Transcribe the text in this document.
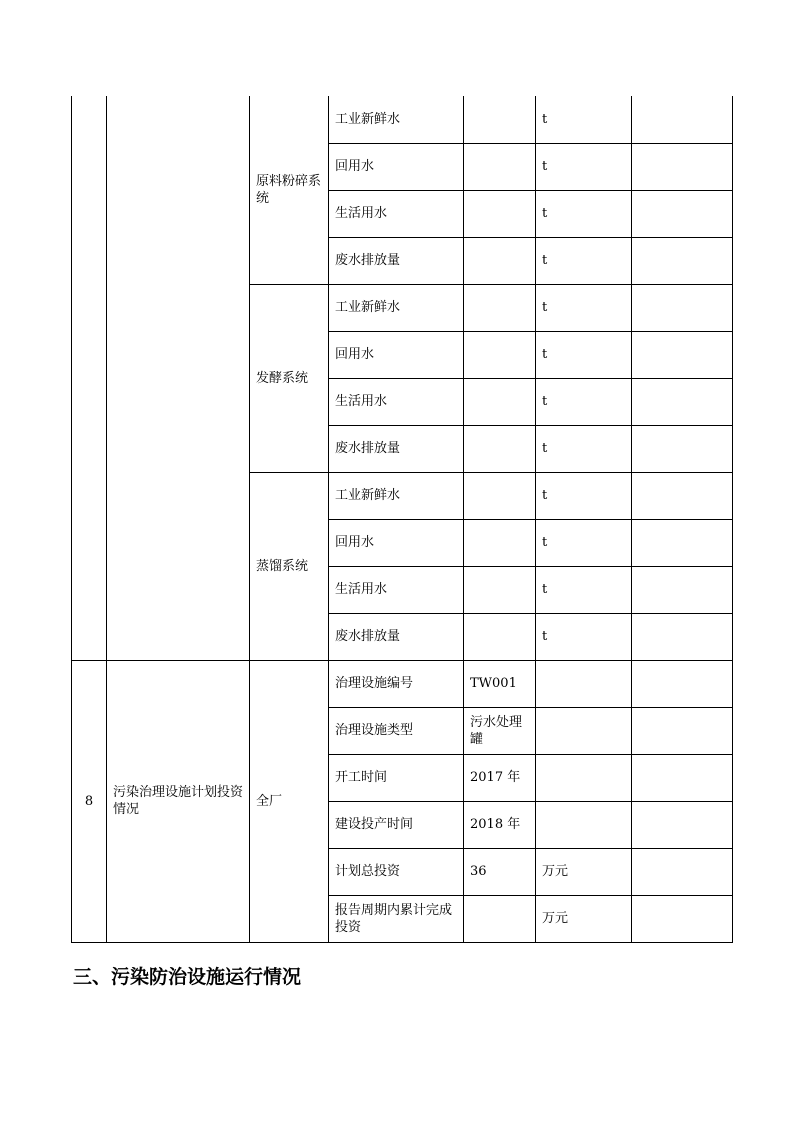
		原料粉碎系统	工业新鲜水		t	
			回用水		t	
			生活用水		t	
			废水排放量		t	
		发酵系统	工业新鲜水		t	
			回用水		t	
			生活用水		t	
			废水排放量		t	
		蒸馏系统	工业新鲜水		t	
			回用水		t	
			生活用水		t	
			废水排放量		t	
8	污染治理设施计划投资情况	全厂	治理设施编号	TW001		
			治理设施类型	污水处理罐		
			开工时间	2017 年		
			建设投产时间	2018 年		
			计划总投资	36	万元	
			报告周期内累计完成投资		万元	
三、污染防治设施运行情况
